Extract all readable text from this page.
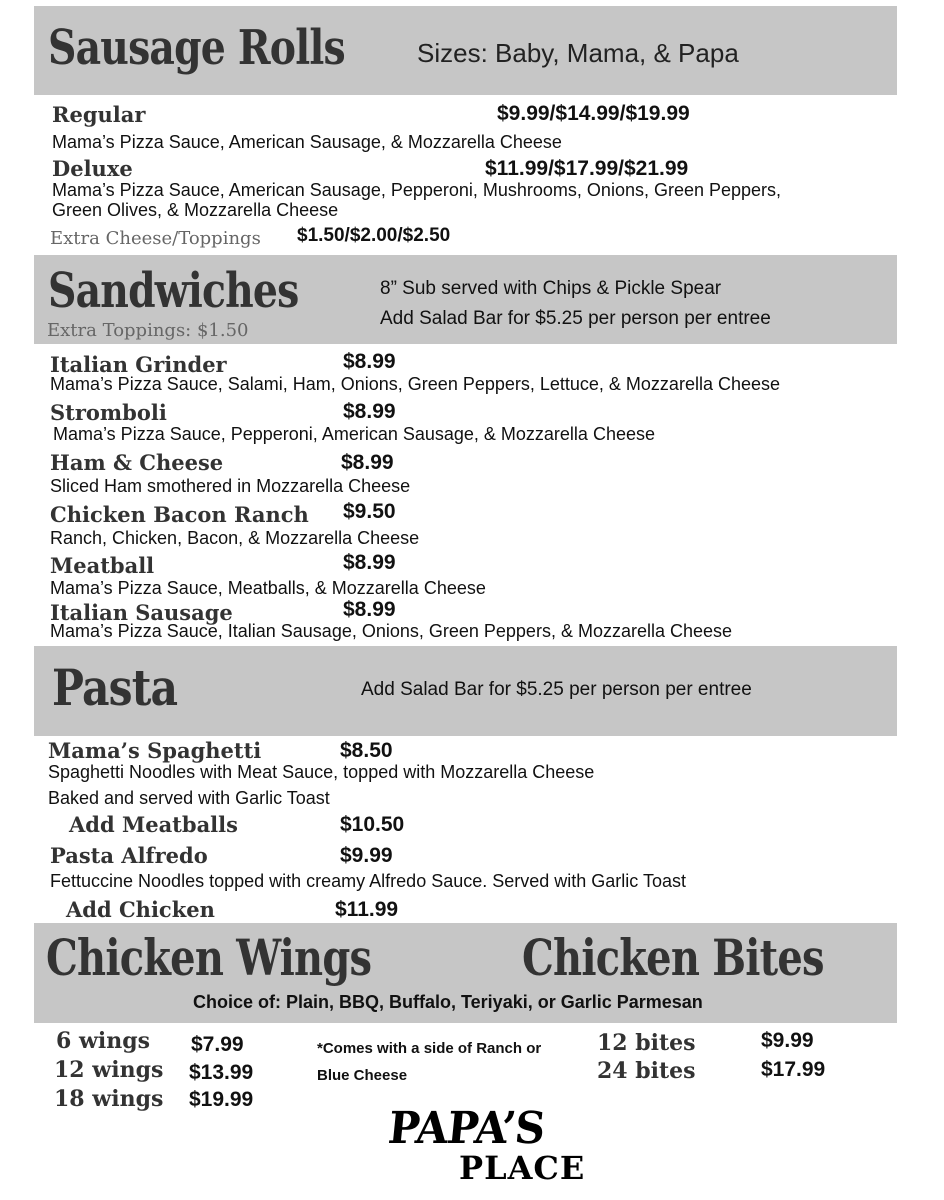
Sausage Rolls	Sizes: Baby, Mama, & Papa
Regular	$9.99/$14.99/$19.99
Mama’s Pizza Sauce, American Sausage, & Mozzarella Cheese
Deluxe	$11.99/$17.99/$21.99
Mama’s Pizza Sauce, American Sausage, Pepperoni, Mushrooms, Onions, Green Peppers,
Green Olives, & Mozzarella Cheese
Extra Cheese/Toppings $1.50/$2.00/$2.50
Sandwiches
Extra Toppings: $1.50
8” Sub served with Chips & Pickle Spear
Add Salad Bar for $5.25 per person per entree
Italian Grinder	$8.99
Mama’s Pizza Sauce, Salami, Ham, Onions, Green Peppers, Lettuce, & Mozzarella Cheese
Stromboli	$8.99
Mama’s Pizza Sauce, Pepperoni, American Sausage, & Mozzarella Cheese
Ham & Cheese	$8.99
Sliced Ham smothered in Mozzarella Cheese
Chicken Bacon Ranch $9.50
Ranch, Chicken, Bacon, & Mozzarella Cheese
Meatball	$8.99
Mama’s Pizza Sauce, Meatballs, & Mozzarella Cheese
Italian Sausage	$8.99
Mama’s Pizza Sauce, Italian Sausage, Onions, Green Peppers, & Mozzarella Cheese
Pasta	Add Salad Bar for $5.25 per person per entree
Mama’s Spaghetti	$8.50
Spaghetti Noodles with Meat Sauce, topped with Mozzarella Cheese
Baked and served with Garlic Toast
Add Meatballs	$10.50
Pasta Alfredo	$9.99
Fettuccine Noodles topped with creamy Alfredo Sauce. Served with Garlic Toast
Add Chicken	$11.99
Chicken Wings	Chicken Bites
Choice of: Plain, BBQ, Buffalo, Teriyaki, or Garlic Parmesan
6 wings $7.99
12 wings $13.99
18 wings $19.99
*Comes with a side of Ranch or
Blue Cheese
12 bites	$9.99
24 bites	$17.99
PAPA’S
PLACE
